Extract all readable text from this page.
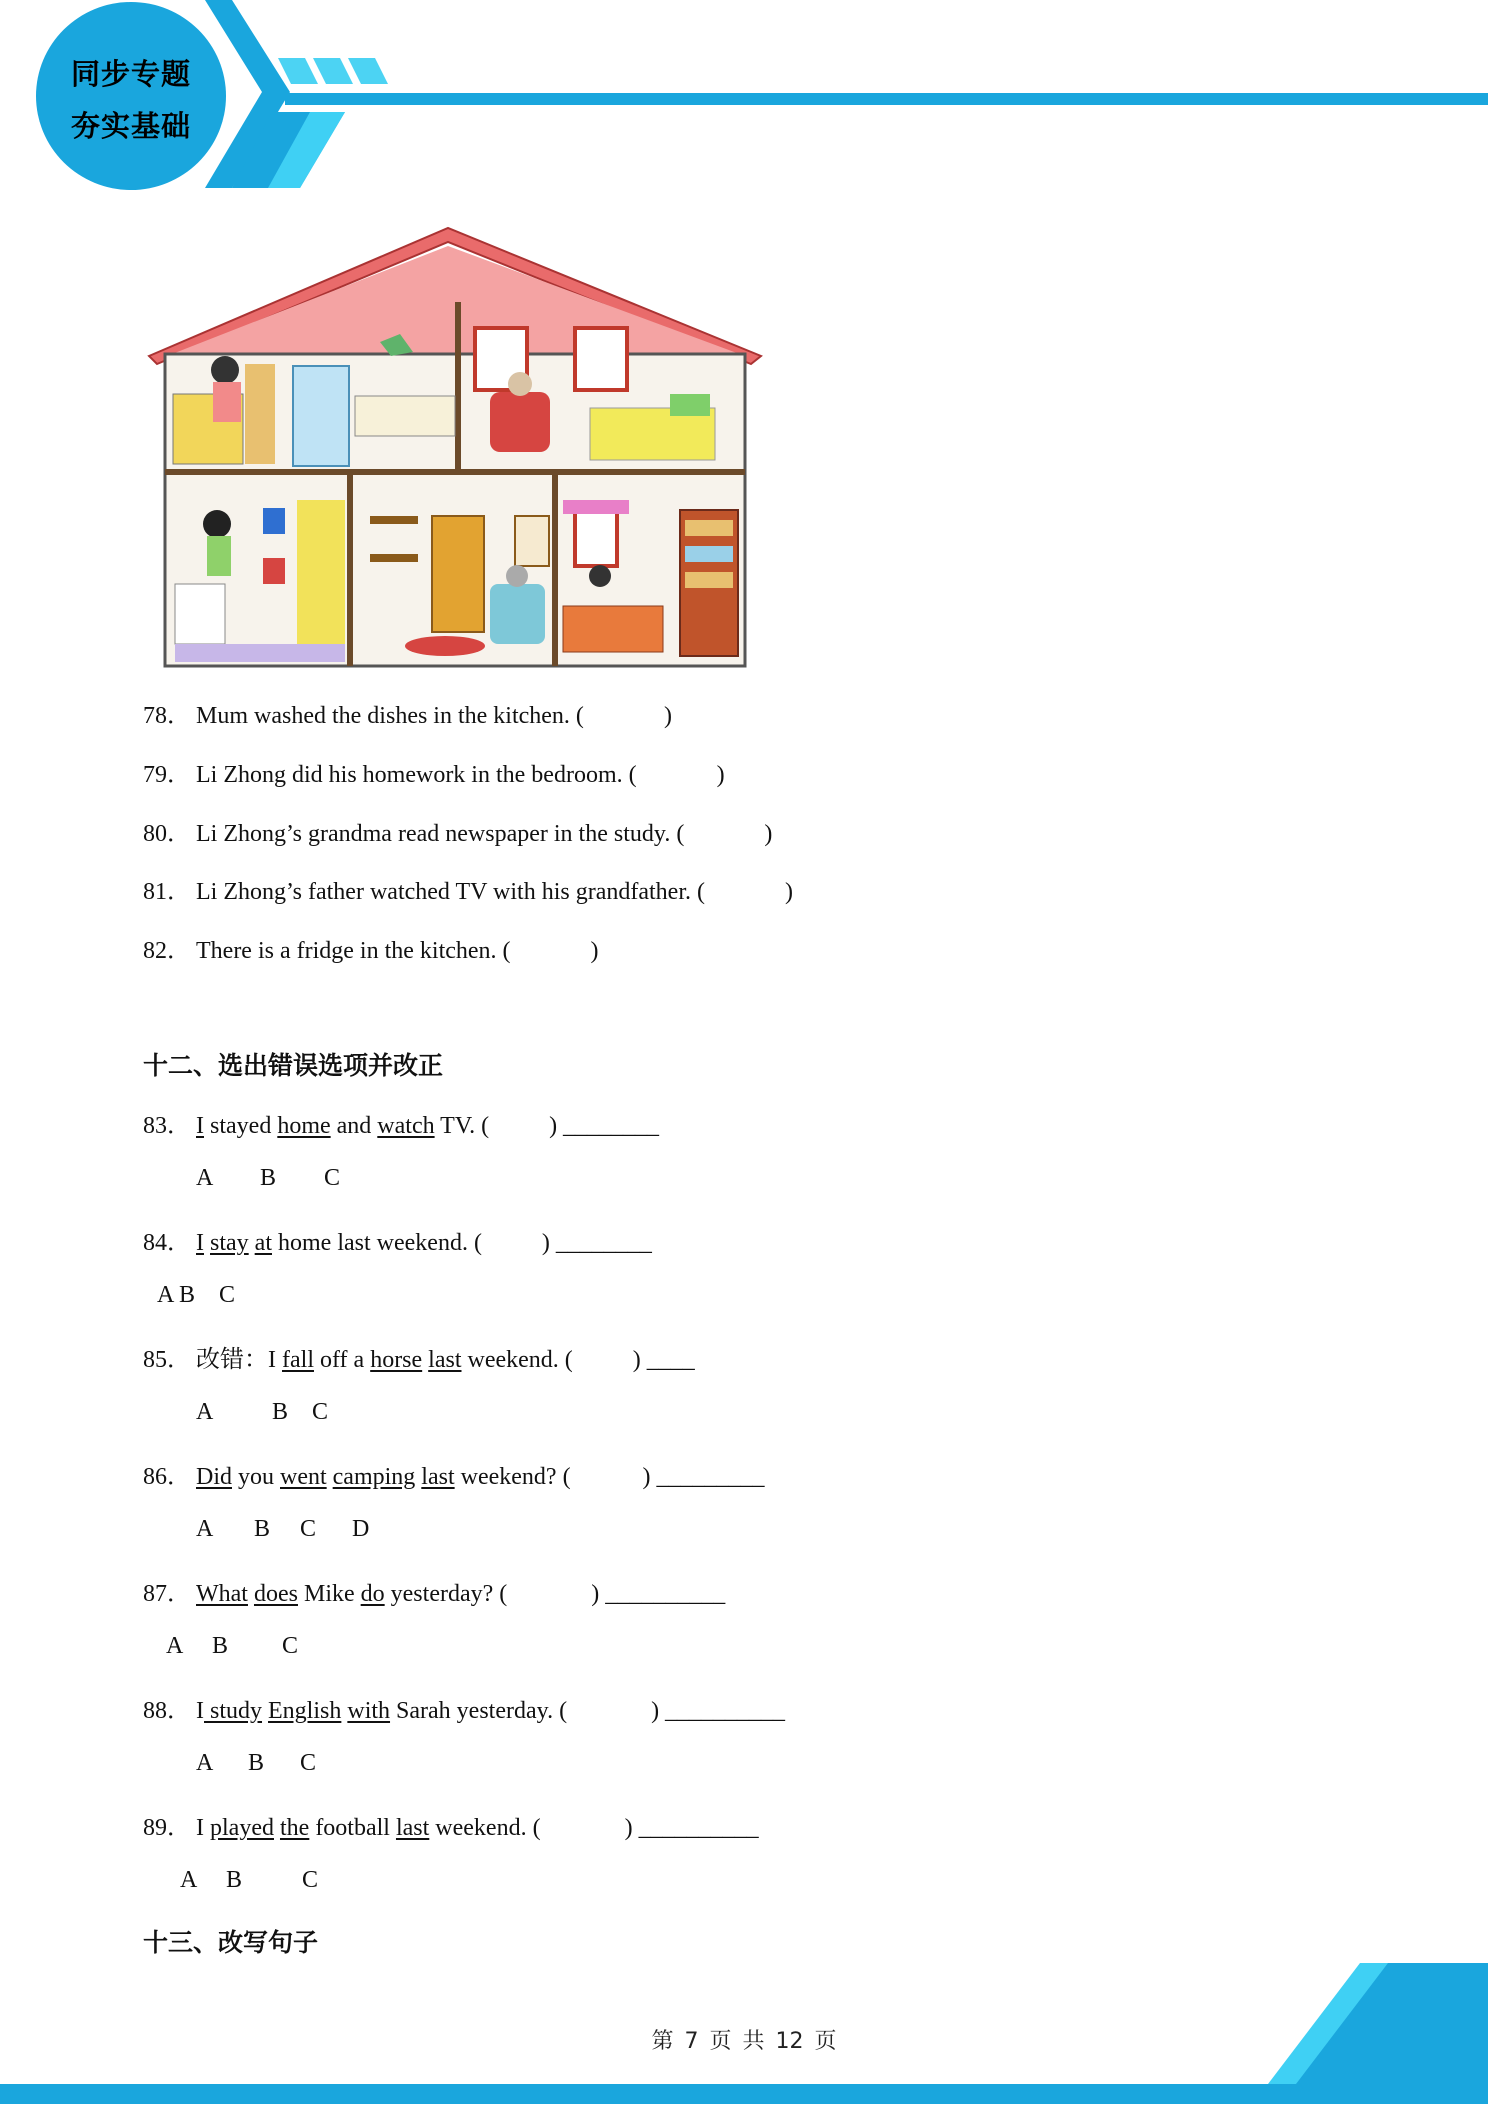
同步专题
夯实基础
78． Mum washed the dishes in the kitchen. (	)
79． Li Zhong did his homework in the bedroom. (	)
80． Li Zhong’s grandma read newspaper in the study. (	)
81． Li Zhong’s father watched TV with his grandfather. (	)
82． There is a fridge in the kitchen. (	)
十二、选出错误选项并改正
83． I stayed home and watch TV. (          ) ________
A        B        C
84． I stay at home last weekend. (          ) ________
A B    C
85． 改错：I fall off a horse last weekend. (          ) ____
A          B    C
86． Did you went camping last weekend? (            ) _________
A       B     C      D
87． What does Mike do yesterday? (              ) __________
A     B         C
88． I study English with Sarah yesterday. (              ) __________
A      B      C
89． I played the football last weekend. (              ) __________
A     B          C
十三、改写句子
第 7 页 共 12 页
